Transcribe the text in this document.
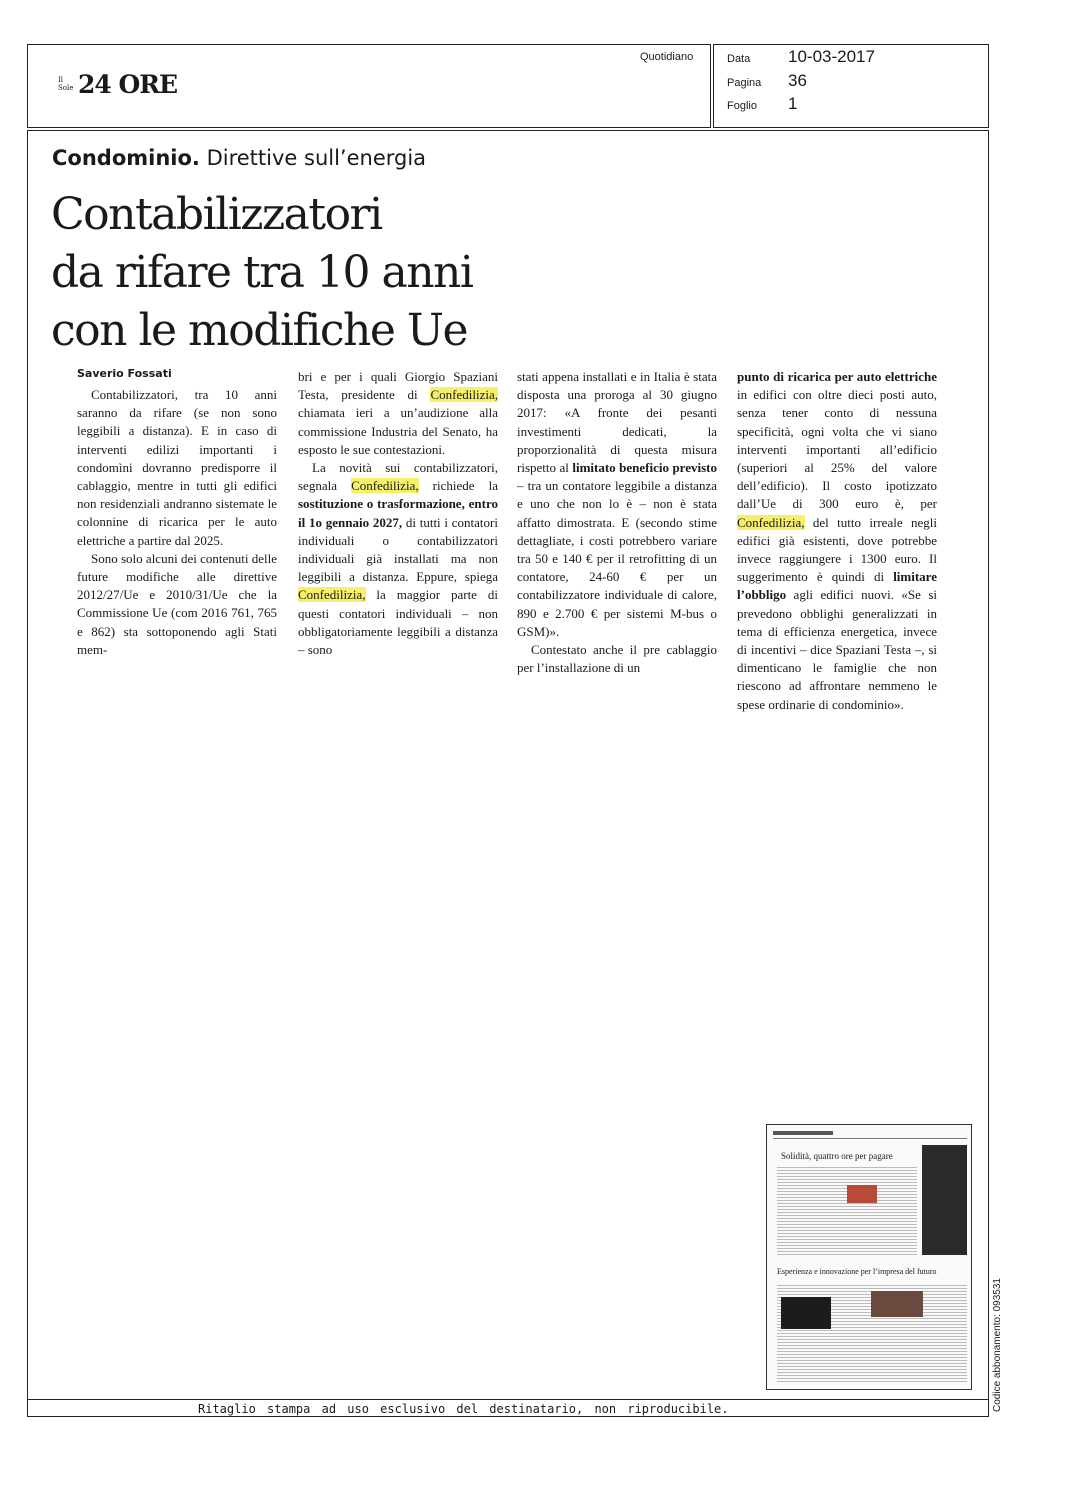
Il Sole 24 ORE
Quotidiano	Data 10-03-2017
Pagina 36
Foglio 1
Condominio. Direttive sull’energia
Contabilizzatori
da rifare tra 10 anni
con le modifiche Ue
Saverio Fossati

Contabilizzatori, tra 10 anni saranno da rifare (se non sono leggibili a distanza). E in caso di interventi edilizi importanti i condomìni dovranno predisporre il cablaggio, mentre in tutti gli edifici non residenziali andranno sistemate le colonnine di ricarica per le auto elettriche a partire dal 2025.

Sono solo alcuni dei contenuti delle future modifiche alle direttive 2012/27/Ue e 2010/31/Ue che la Commissione Ue (com 2016 761, 765 e 862) sta sottoponendo agli Stati mem-

bri e per i quali Giorgio Spaziani Testa, presidente di Confedilizia, chiamata ieri a un’audizione alla commissione Industria del Senato, ha esposto le sue contestazioni.

La novità sui contabilizzatori, segnala Confedilizia, richiede la sostituzione o trasformazione, entro il 1o gennaio 2027, di tutti i contatori individuali o contabilizzatori individuali già installati ma non leggibili a distanza. Eppure, spiega Confedilizia, la maggior parte di questi contatori individuali – non obbligatoriamente leggibili a distanza – sono

stati appena installati e in Italia è stata disposta una proroga al 30 giugno 2017: «A fronte dei pesanti investimenti dedicati, la proporzionalità di questa misura rispetto al limitato beneficio previsto – tra un contatore leggibile a distanza e uno che non lo è – non è stata affatto dimostrata. E (secondo stime dettagliate, i costi potrebbero variare tra 50 e 140 € per il retrofitting di un contatore, 24-60 € per un contabilizzatore individuale di calore, 890 e 2.700 € per sistemi M-bus o GSM)».

Contestato anche il pre cablaggio per l’installazione di un

punto di ricarica per auto elettriche in edifici con oltre dieci posti auto, senza tener conto di nessuna specificità, ogni volta che vi siano interventi importanti all’edificio (superiori al 25% del valore dell’edificio). Il costo ipotizzato dall’Ue di 300 euro è, per Confedilizia, del tutto irreale negli edifici già esistenti, dove potrebbe invece raggiungere i 1300 euro. Il suggerimento è quindi di limitare l’obbligo agli edifici nuovi. «Se si prevedono obblighi generalizzati in tema di efficienza energetica, invece di incentivi – dice Spaziani Testa –, si dimenticano le famiglie che non riescono ad affrontare nemmeno le spese ordinarie di condominio».

Solidità, quattro ore per pagare
Esperienza e innovazione per l’impresa del futuro
Ritaglio stampa ad uso esclusivo del destinatario, non riproducibile.	Codice abbonamento: 093531
